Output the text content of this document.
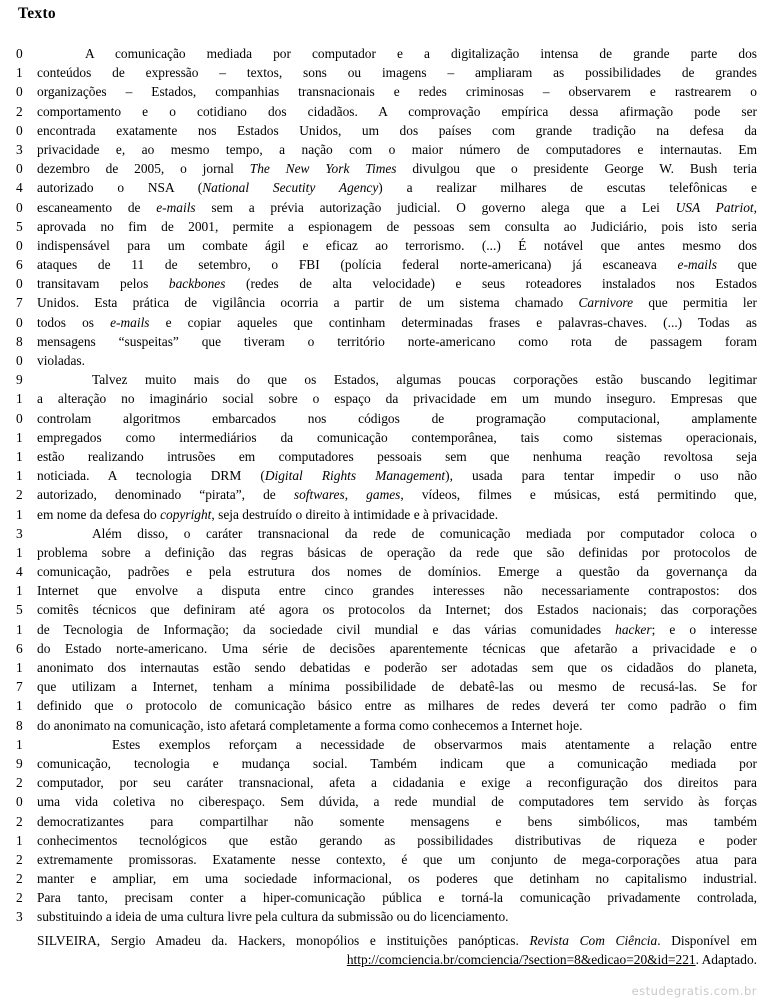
Texto
0	A comunicação mediada por computador e a digitalização intensa de grande parte dos
1	conteúdos de expressão – textos, sons ou imagens – ampliaram as possibilidades de grandes
0	organizações – Estados, companhias transnacionais e redes criminosas – observarem e rastrearem o
2	comportamento e o cotidiano dos cidadãos. A comprovação empírica dessa afirmação pode ser
0	encontrada exatamente nos Estados Unidos, um dos países com grande tradição na defesa da
3	privacidade e, ao mesmo tempo, a nação com o maior número de computadores e internautas. Em
0	dezembro de 2005, o jornal The New York Times divulgou que o presidente George W. Bush teria
4	autorizado o NSA (National Secutity Agency) a realizar milhares de escutas telefônicas e
0	escaneamento de e-mails sem a prévia autorização judicial. O governo alega que a Lei USA Patriot,
5	aprovada no fim de 2001, permite a espionagem de pessoas sem consulta ao Judiciário, pois isto seria
0	indispensável para um combate ágil e eficaz ao terrorismo. (...) É notável que antes mesmo dos
6	ataques de 11 de setembro, o FBI (polícia federal norte-americana) já escaneava e-mails que
0	transitavam pelos backbones (redes de alta velocidade) e seus roteadores instalados nos Estados
7	Unidos. Esta prática de vigilância ocorria a partir de um sistema chamado Carnivore que permitia ler
0	todos os e-mails e copiar aqueles que continham determinadas frases e palavras-chaves. (...) Todas as
8	mensagens “suspeitas” que tiveram o território norte-americano como rota de passagem foram
0	violadas.
9	Talvez muito mais do que os Estados, algumas poucas corporações estão buscando legitimar
1	a alteração no imaginário social sobre o espaço da privacidade em um mundo inseguro. Empresas que
0	controlam algoritmos embarcados nos códigos de programação computacional, amplamente
1	empregados como intermediários da comunicação contemporânea, tais como sistemas operacionais,
1	estão realizando intrusões em computadores pessoais sem que nenhuma reação revoltosa seja
1	noticiada. A tecnologia DRM (Digital Rights Management), usada para tentar impedir o uso não
2	autorizado, denominado “pirata”, de softwares, games, vídeos, filmes e músicas, está permitindo que,
1	em nome da defesa do copyright, seja destruído o direito à intimidade e à privacidade.
3	Além disso, o caráter transnacional da rede de comunicação mediada por computador coloca o
1	problema sobre a definição das regras básicas de operação da rede que são definidas por protocolos de
4	comunicação, padrões e pela estrutura dos nomes de domínios. Emerge a questão da governança da
1	Internet que envolve a disputa entre cinco grandes interesses não necessariamente contrapostos: dos
5	comitês técnicos que definiram até agora os protocolos da Internet; dos Estados nacionais; das corporações
1	de Tecnologia de Informação; da sociedade civil mundial e das várias comunidades hacker; e o interesse
6	do Estado norte-americano. Uma série de decisões aparentemente técnicas que afetarão a privacidade e o
1	anonimato dos internautas estão sendo debatidas e poderão ser adotadas sem que os cidadãos do planeta,
7	que utilizam a Internet, tenham a mínima possibilidade de debatê-las ou mesmo de recusá-las. Se for
1	definido que o protocolo de comunicação básico entre as milhares de redes deverá ter como padrão o fim
8	do anonimato na comunicação, isto afetará completamente a forma como conhecemos a Internet hoje.
1	Estes exemplos reforçam a necessidade de observarmos mais atentamente a relação entre
9	comunicação, tecnologia e mudança social. Também indicam que a comunicação mediada por
2	computador, por seu caráter transnacional, afeta a cidadania e exige a reconfiguração dos direitos para
0	uma vida coletiva no ciberespaço. Sem dúvida, a rede mundial de computadores tem servido às forças
2	democratizantes para compartilhar não somente mensagens e bens simbólicos, mas também
1	conhecimentos tecnológicos que estão gerando as possibilidades distributivas de riqueza e poder
2	extremamente promissoras. Exatamente nesse contexto, é que um conjunto de mega-corporações atua para
2	manter e ampliar, em uma sociedade informacional, os poderes que detinham no capitalismo industrial.
2	Para tanto, precisam conter a hiper-comunicação pública e torná-la comunicação privadamente controlada,
3	substituindo a ideia de uma cultura livre pela cultura da submissão ou do licenciamento.
SILVEIRA, Sergio Amadeu da. Hackers, monopólios e instituições panópticas. Revista Com Ciência. Disponível em
http://comciencia.br/comciencia/?section=8&edicao=20&id=221. Adaptado.
estudegratis.com.br
